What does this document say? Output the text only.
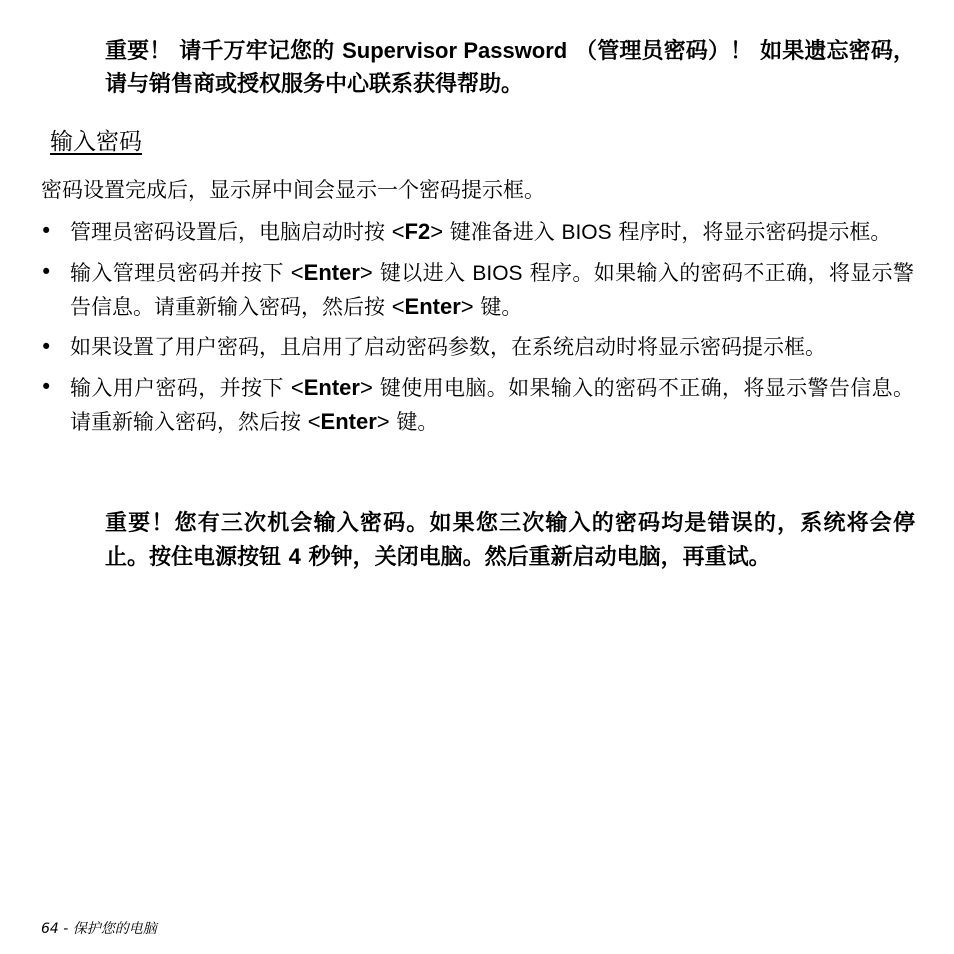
重要！ 请千万牢记您的 Supervisor Password （管理员密码）！ 如果遗忘密码，请与销售商或授权服务中心联系获得帮助。
输入密码
密码设置完成后，显示屏中间会显示一个密码提示框。
• 管理员密码设置后，电脑启动时按 <F2> 键准备进入 BIOS 程序时，将显示密码提示框。
• 输入管理员密码并按下 <Enter> 键以进入 BIOS 程序。如果输入的密码不正确，将显示警告信息。请重新输入密码，然后按 <Enter> 键。
• 如果设置了用户密码，且启用了启动密码参数，在系统启动时将显示密码提示框。
• 输入用户密码，并按下 <Enter> 键使用电脑。如果输入的密码不正确，将显示警告信息。请重新输入密码，然后按 <Enter> 键。
重要！您有三次机会输入密码。如果您三次输入的密码均是错误的，系统将会停止。按住电源按钮 4 秒钟，关闭电脑。然后重新启动电脑，再重试。
64 - 保护您的电脑
